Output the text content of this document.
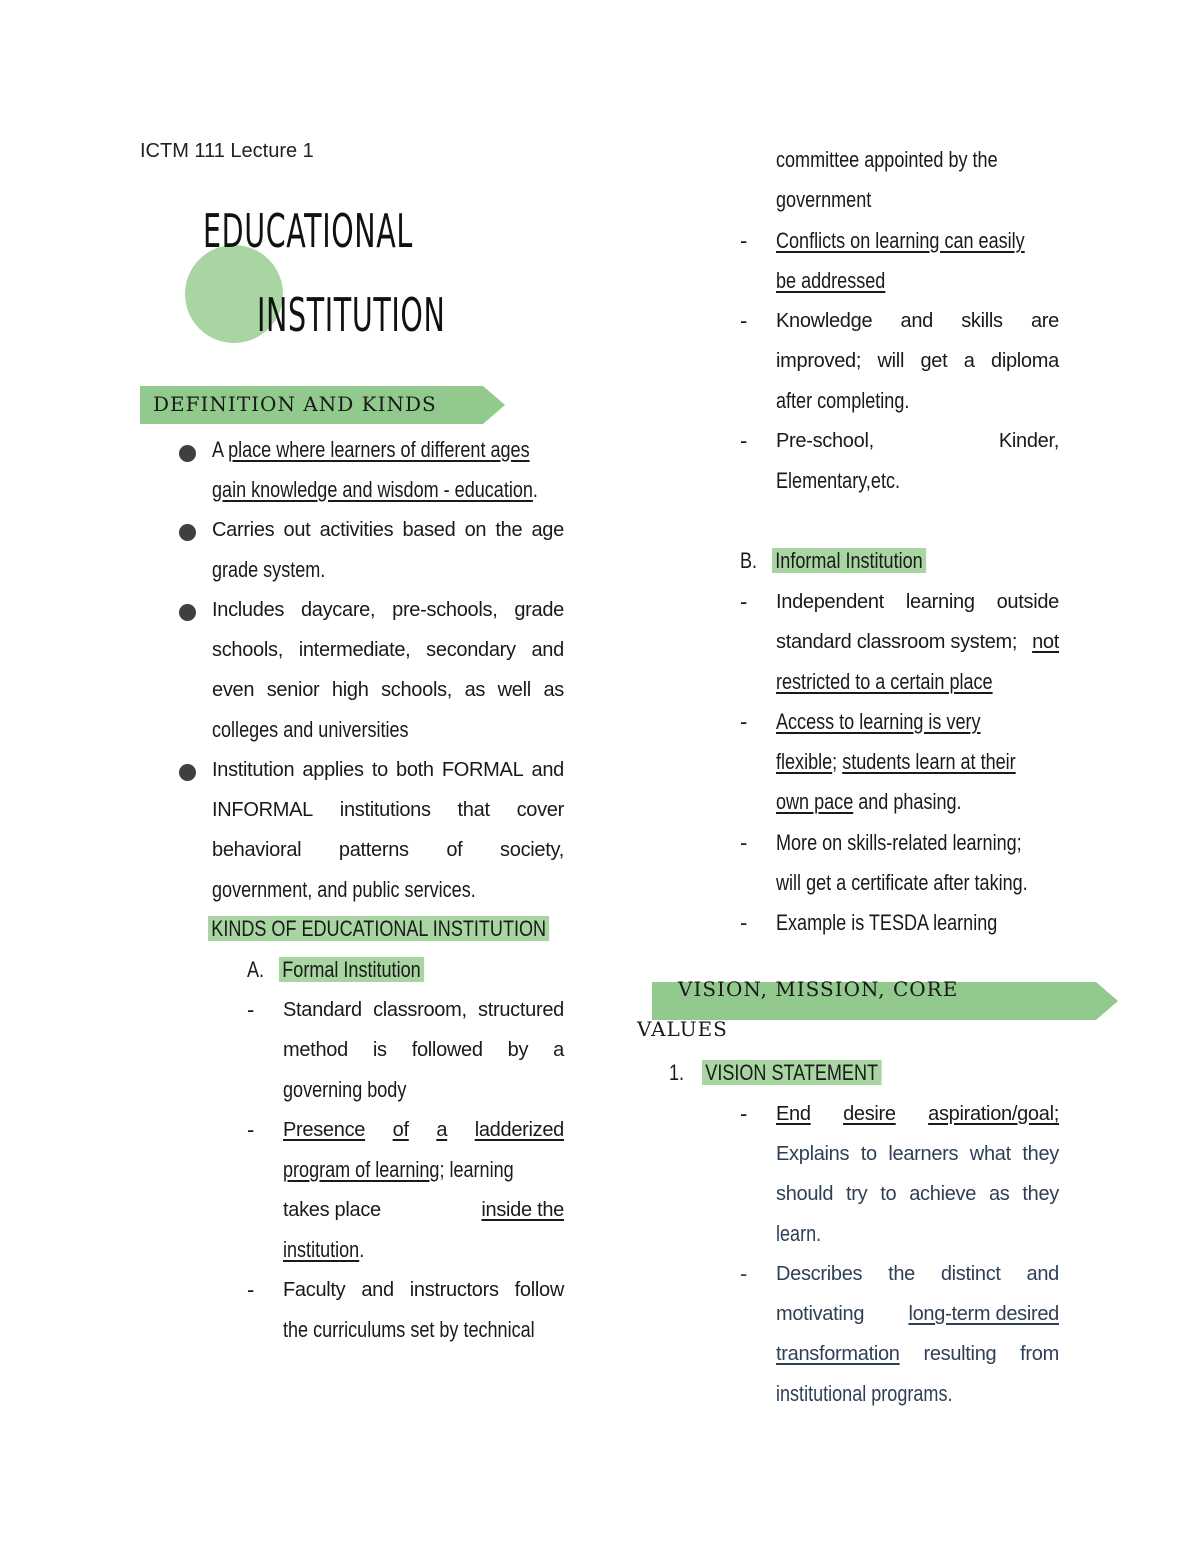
ICTM 111 Lecture 1
EDUCATIONAL
INSTITUTION
DEFINITION AND KINDS
A place where learners of different ages
gain knowledge and wisdom - education.
Carries out activities based on the age
grade system.
Includes daycare, pre-schools, grade
schools, intermediate, secondary and
even senior high schools, as well as
colleges and universities
Institution applies to both FORMAL and
INFORMAL institutions that cover
behavioral patterns of society,
government, and public services.
KINDS OF EDUCATIONAL INSTITUTION
A. Formal Institution
- Standard classroom, structured
method is followed by a
governing body
- Presence of a ladderized
program of learning; learning
takes place	inside the
institution.
- Faculty and instructors follow
the curriculums set by technical
committee appointed by the
government
- Conflicts on learning can easily
be addressed
- Knowledge and skills are
improved; will get a diploma
after completing.
- Pre-school,	Kinder,
Elementary,etc.
B. Informal Institution
- Independent learning outside
standard classroom system; not
restricted to a certain place
- Access to learning is very
flexible; students learn at their
own pace and phasing.
- More on skills-related learning;
will get a certificate after taking.
- Example is TESDA learning
VISION, MISSION, CORE
VALUES
1. VISION STATEMENT
- End desire aspiration/goal;
Explains to learners what they
should try to achieve as they
learn.
- Describes the distinct and
motivating long-term desired
transformation resulting from
institutional programs.
